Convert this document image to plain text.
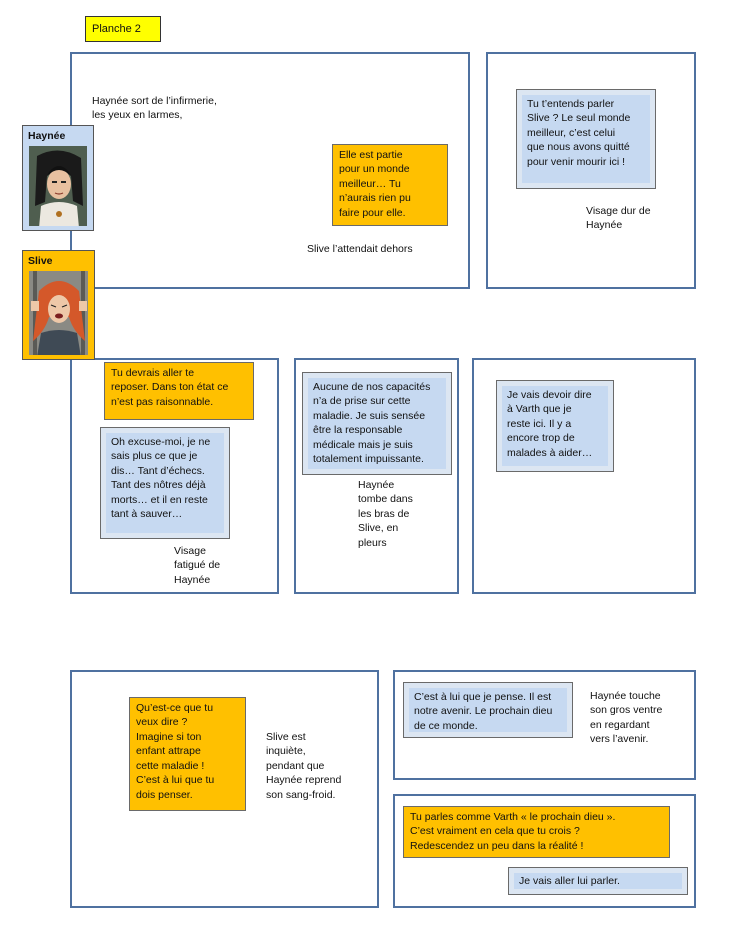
Planche 2
Haynée sort de l’infirmerie,
les yeux en larmes,
Elle est partie
pour un monde
meilleur… Tu
n’aurais rien pu
faire pour elle.
Slive l’attendait dehors
Tu t’entends parler
Slive ? Le seul monde
meilleur, c’est celui
que nous avons quitté
pour venir mourir ici !
Visage dur de
Haynée
Tu devrais aller te
reposer. Dans ton état ce
n’est pas raisonnable.
Oh excuse-moi, je ne
sais plus ce que je
dis… Tant d’échecs.
Tant des nôtres déjà
morts… et il en reste
tant à sauver…
Visage
fatigué de
Haynée
Aucune de nos capacités
n’a de prise sur cette
maladie. Je suis sensée
être la responsable
médicale mais je suis
totalement impuissante.
Haynée
tombe dans
les bras de
Slive, en
pleurs
Je vais devoir dire
à Varth que je
reste ici. Il y a
encore trop de
malades à aider…
Qu’est-ce que tu
veux dire ?
Imagine si ton
enfant attrape
cette maladie !
C’est à lui que tu
dois penser.
Slive est
inquiète,
pendant que
Haynée reprend
son sang-froid.
C’est à lui que je pense. Il est
notre avenir. Le prochain dieu
de ce monde.
Haynée touche
son gros ventre
en regardant
vers l’avenir.
Tu parles comme Varth « le prochain dieu ».
C’est vraiment en cela que tu crois ?
Redescendez un peu dans la réalité !
Je vais aller lui parler.
Haynée
Slive
